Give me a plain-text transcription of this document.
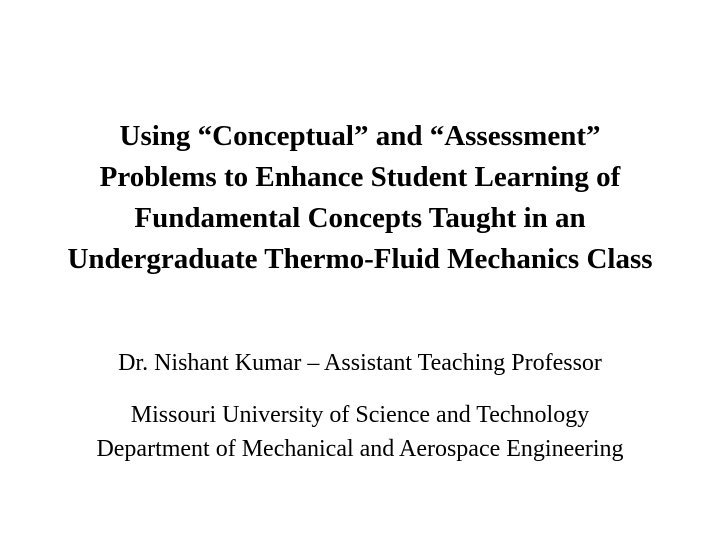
Using “Conceptual” and “Assessment”
Problems to Enhance Student Learning of
Fundamental Concepts Taught in an
Undergraduate Thermo-Fluid Mechanics Class

Dr. Nishant Kumar – Assistant Teaching Professor

Missouri University of Science and Technology
Department of Mechanical and Aerospace Engineering
